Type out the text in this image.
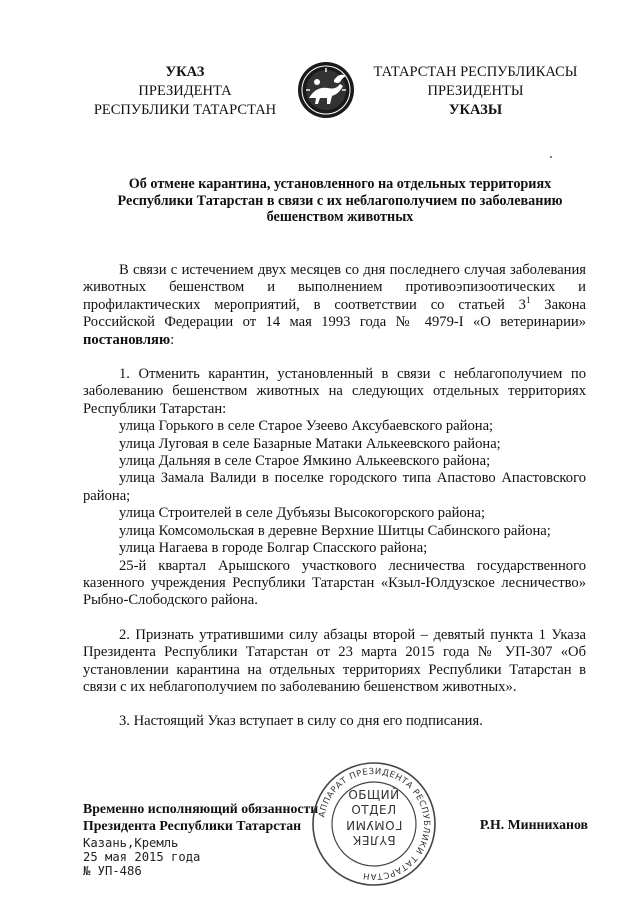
УКАЗ
ПРЕЗИДЕНТА
РЕСПУБЛИКИ ТАТАРСТАН
ТАТАРСТАН РЕСПУБЛИКАСЫ
ПРЕЗИДЕНТЫ
УКАЗЫ
Об отмене карантина, установленного на отдельных территориях
Республики Татарстан в связи с их неблагополучием по заболеванию
бешенством животных

В связи с истечением двух месяцев со дня последнего случая заболевания животных бешенством и выполнением противоэпизоотических и профилактических мероприятий, в соответствии со статьей $3^1$ Закона Российской Федерации от 14 мая 1993 года № 4979-I «О ветеринарии» постановляю:

1. Отменить карантин, установленный в связи с неблагополучием по заболеванию бешенством животных на следующих отдельных территориях Республики Татарстан:

улица Горького в селе Старое Узеево Аксубаевского района;

улица Луговая в селе Базарные Матаки Алькеевского района;

улица Дальняя в селе Старое Ямкино Алькеевского района;

улица Замала Валиди в поселке городского типа Апастово Апастовского района;

улица Строителей в селе Дубъязы Высокогорского района;

улица Комсомольская в деревне Верхние Шитцы Сабинского района;

улица Нагаева в городе Болгар Спасского района;

25-й квартал Арышского участкового лесничества государственного казенного учреждения Республики Татарстан «Кзыл-Юлдузское лесничество» Рыбно-Слободского района.

2. Признать утратившими силу абзацы второй – девятый пункта 1 Указа Президента Республики Татарстан от 23 марта 2015 года № УП-307 «Об установлении карантина на отдельных территориях Республики Татарстан в связи с их неблагополучием по заболеванию бешенством животных».

3. Настоящий Указ вступает в силу со дня его подписания.

Временно исполняющий обязанности
Президента Республики Татарстан	Р.Н. Минниханов
Казань,Кремль
25 мая 2015 года
№ УП-486
АППАРАТ ПРЕЗИДЕНТА РЕСПУБЛИКИ ТАТАРСТАН
ОБЩИЙ
ОТДЕЛ
ГОМУМИ
БҮЛЕК
